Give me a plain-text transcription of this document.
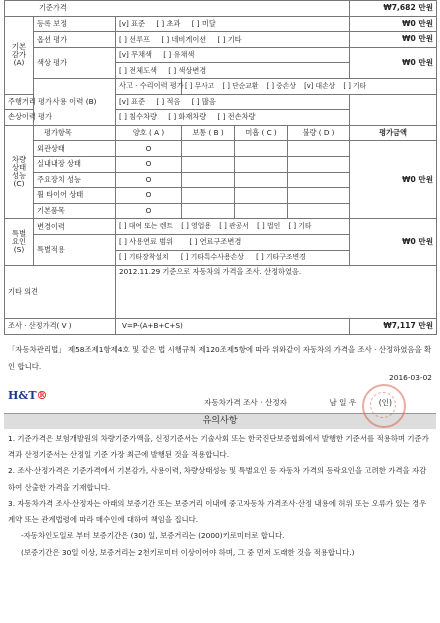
기준가격						₩7,682 만원	
기본 감가 (A)	등록 보정	[v] 표준 [ ] 초과 [ ] 미달				₩0 만원	
	옵션 평가	[ ] 선루프 [ ] 네비게이션 [ ] 기타				₩0 만원	
	색상 평가	[v] 무채색 [ ] 유채색				₩0 만원	
		[ ] 전체도색 [ ] 색상변경					
	사용 이력 (B)	사고 · 수리이력 평가	[ ] 무사고 [ ] 단순교환 [ ] 중손상 [v] 대손상 [ ] 기타	
주행거리 평가		[v] 표준 [ ] 적음 [ ] 많음					
손상이력 평가		[ ] 침수차량 [ ] 화재차량 [ ] 전손차량					
차량 상태 성능 (C)	평가항목	양호 ( A )	보통 ( B )	미흡 ( C )	불량 ( D )	평가금액	
	외관상태	O				₩0 만원	
	실내내장 상태	O					
	주요장치 성능	O					
	휠 타이어 상태	O					
	기본품목	O					
특별 요인 (S)	변경이력	[ ] 대여 또는 렌트 [ ] 영업용 [ ] 관공서 [ ] 법인 [ ] 기타				₩0 만원	
	특별적용	[ ] 사용연료 범위 [ ] 연료구조변경					
		[ ] 기타장착설치 [ ] 기타특수사용손상 [ ] 기타구조변경					
기타 의견		2012.11.29 기준으로 자동차의 가격을 조사. 산정하였음.					
조사 · 산정가격( V )		V=P-(A+B+C+S)				₩7,117 만원	
「자동차관리법」 제58조제1항제4호 및 같은 법 시행규칙 제120조제5항에 따라 위와같이 자동차의 가격을 조사 · 산정하였음을 확인 합니다.
2016-03-02
H&T®
자동차가격 조사 · 산정자	남 일 우	(인)
유의사항

1. 기준가격은 보험개발원의 차량기준가액을, 신정기준서는 기술사회 또는 한국진단보증협회에서 발행한 기준서를 적용하며 기준가격과 산정기준서는 산정일 기준 가장 최근에 발행된 것을 적용합니다.

2. 조사·산정가격은 기준가격에서 기본감가, 사용이력, 차량상태성능 및 특별요인 등 자동차 가격의 등락요인을 고려한 가격을 자감하여 산출한 가격을 기재합니다.

3. 자동차가격 조사·산정자는 아래의 보증기간 또는 보증거리 이내에 중고자동차 가격조사·산정 내용에 허위 또는 오류가 있는 경우 계약 또는 관계법령에 따라 매수인에 대하여 책임을 집니다.

-자동차인도일로 부터 보증기간은 (30) 일, 보증거리는 (2000)키로미터로 합니다.

(보증기간은 30일 이상, 보증거리는 2천키로미터 이상이어야 하며, 그 중 먼저 도래한 것을 적용합니다.)
